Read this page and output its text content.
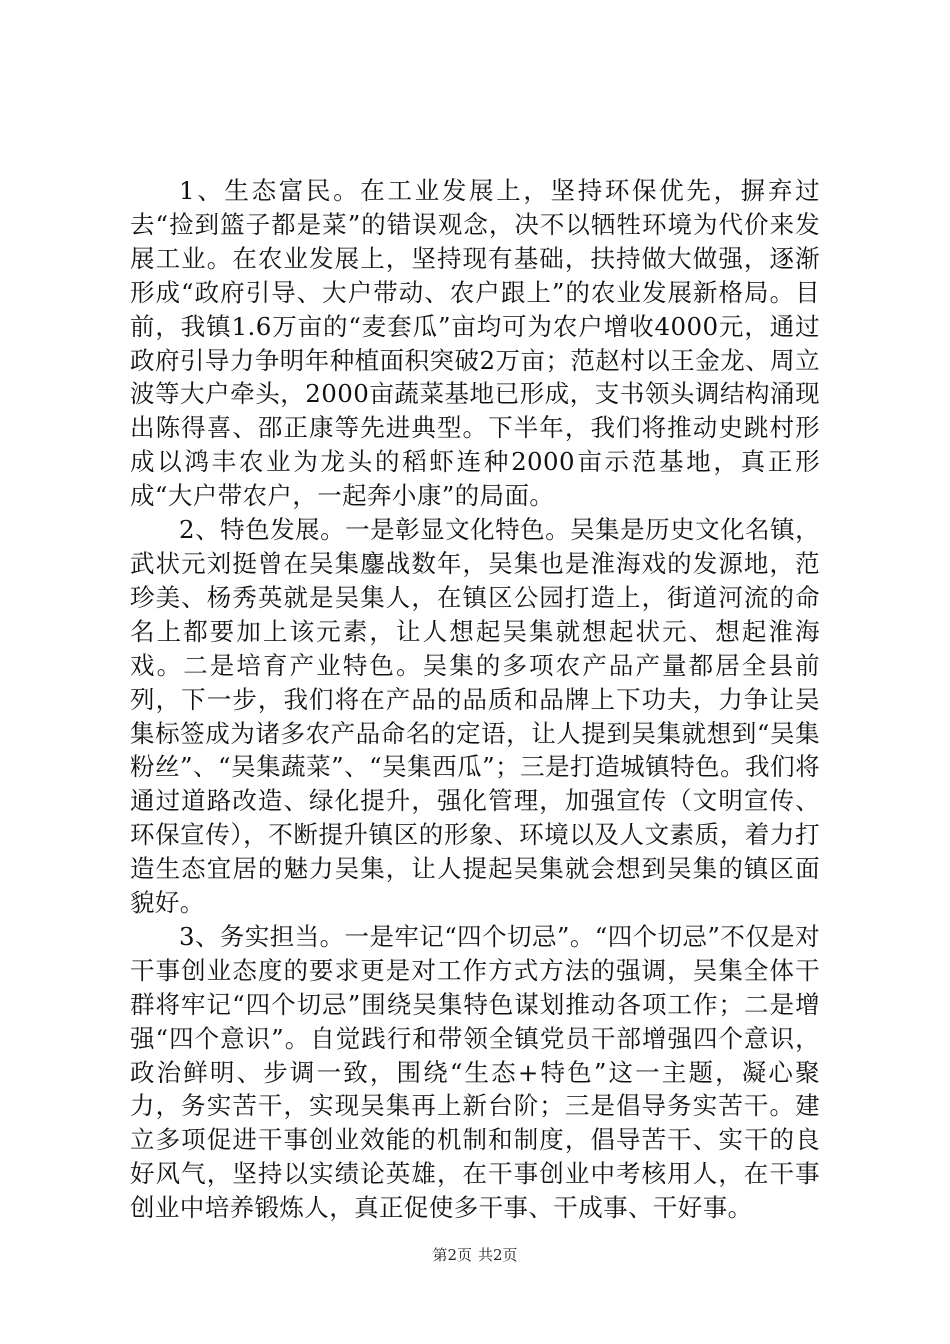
1、生态富民。在工业发展上，坚持环保优先，摒弃过去“捡到篮子都是菜”的错误观念，决不以牺牲环境为代价来发展工业。在农业发展上，坚持现有基础，扶持做大做强，逐渐形成“政府引导、大户带动、农户跟上”的农业发展新格局。目前，我镇1.6万亩的“麦套瓜”亩均可为农户增收4000元，通过政府引导力争明年种植面积突破2万亩；范赵村以王金龙、周立波等大户牵头，2000亩蔬菜基地已形成，支书领头调结构涌现出陈得喜、邵正康等先进典型。下半年，我们将推动史跳村形成以鸿丰农业为龙头的稻虾连种2000亩示范基地，真正形成“大户带农户，一起奔小康”的局面。

2、特色发展。一是彰显文化特色。吴集是历史文化名镇，武状元刘挺曾在吴集鏖战数年，吴集也是淮海戏的发源地，范珍美、杨秀英就是吴集人，在镇区公园打造上，街道河流的命名上都要加上该元素，让人想起吴集就想起状元、想起淮海戏。二是培育产业特色。吴集的多项农产品产量都居全县前列，下一步，我们将在产品的品质和品牌上下功夫，力争让吴集标签成为诸多农产品命名的定语，让人提到吴集就想到“吴集粉丝”、“吴集蔬菜”、“吴集西瓜”；三是打造城镇特色。我们将通过道路改造、绿化提升，强化管理，加强宣传（文明宣传、环保宣传），不断提升镇区的形象、环境以及人文素质，着力打造生态宜居的魅力吴集，让人提起吴集就会想到吴集的镇区面貌好。

3、务实担当。一是牢记“四个切忌”。“四个切忌”不仅是对干事创业态度的要求更是对工作方式方法的强调，吴集全体干群将牢记“四个切忌”围绕吴集特色谋划推动各项工作；二是增强“四个意识”。自觉践行和带领全镇党员干部增强四个意识，政治鲜明、步调一致，围绕“生态+特色”这一主题，凝心聚力，务实苦干，实现吴集再上新台阶；三是倡导务实苦干。建立多项促进干事创业效能的机制和制度，倡导苦干、实干的良好风气，坚持以实绩论英雄，在干事创业中考核用人，在干事创业中培养锻炼人，真正促使多干事、干成事、干好事。

第2页 共2页
